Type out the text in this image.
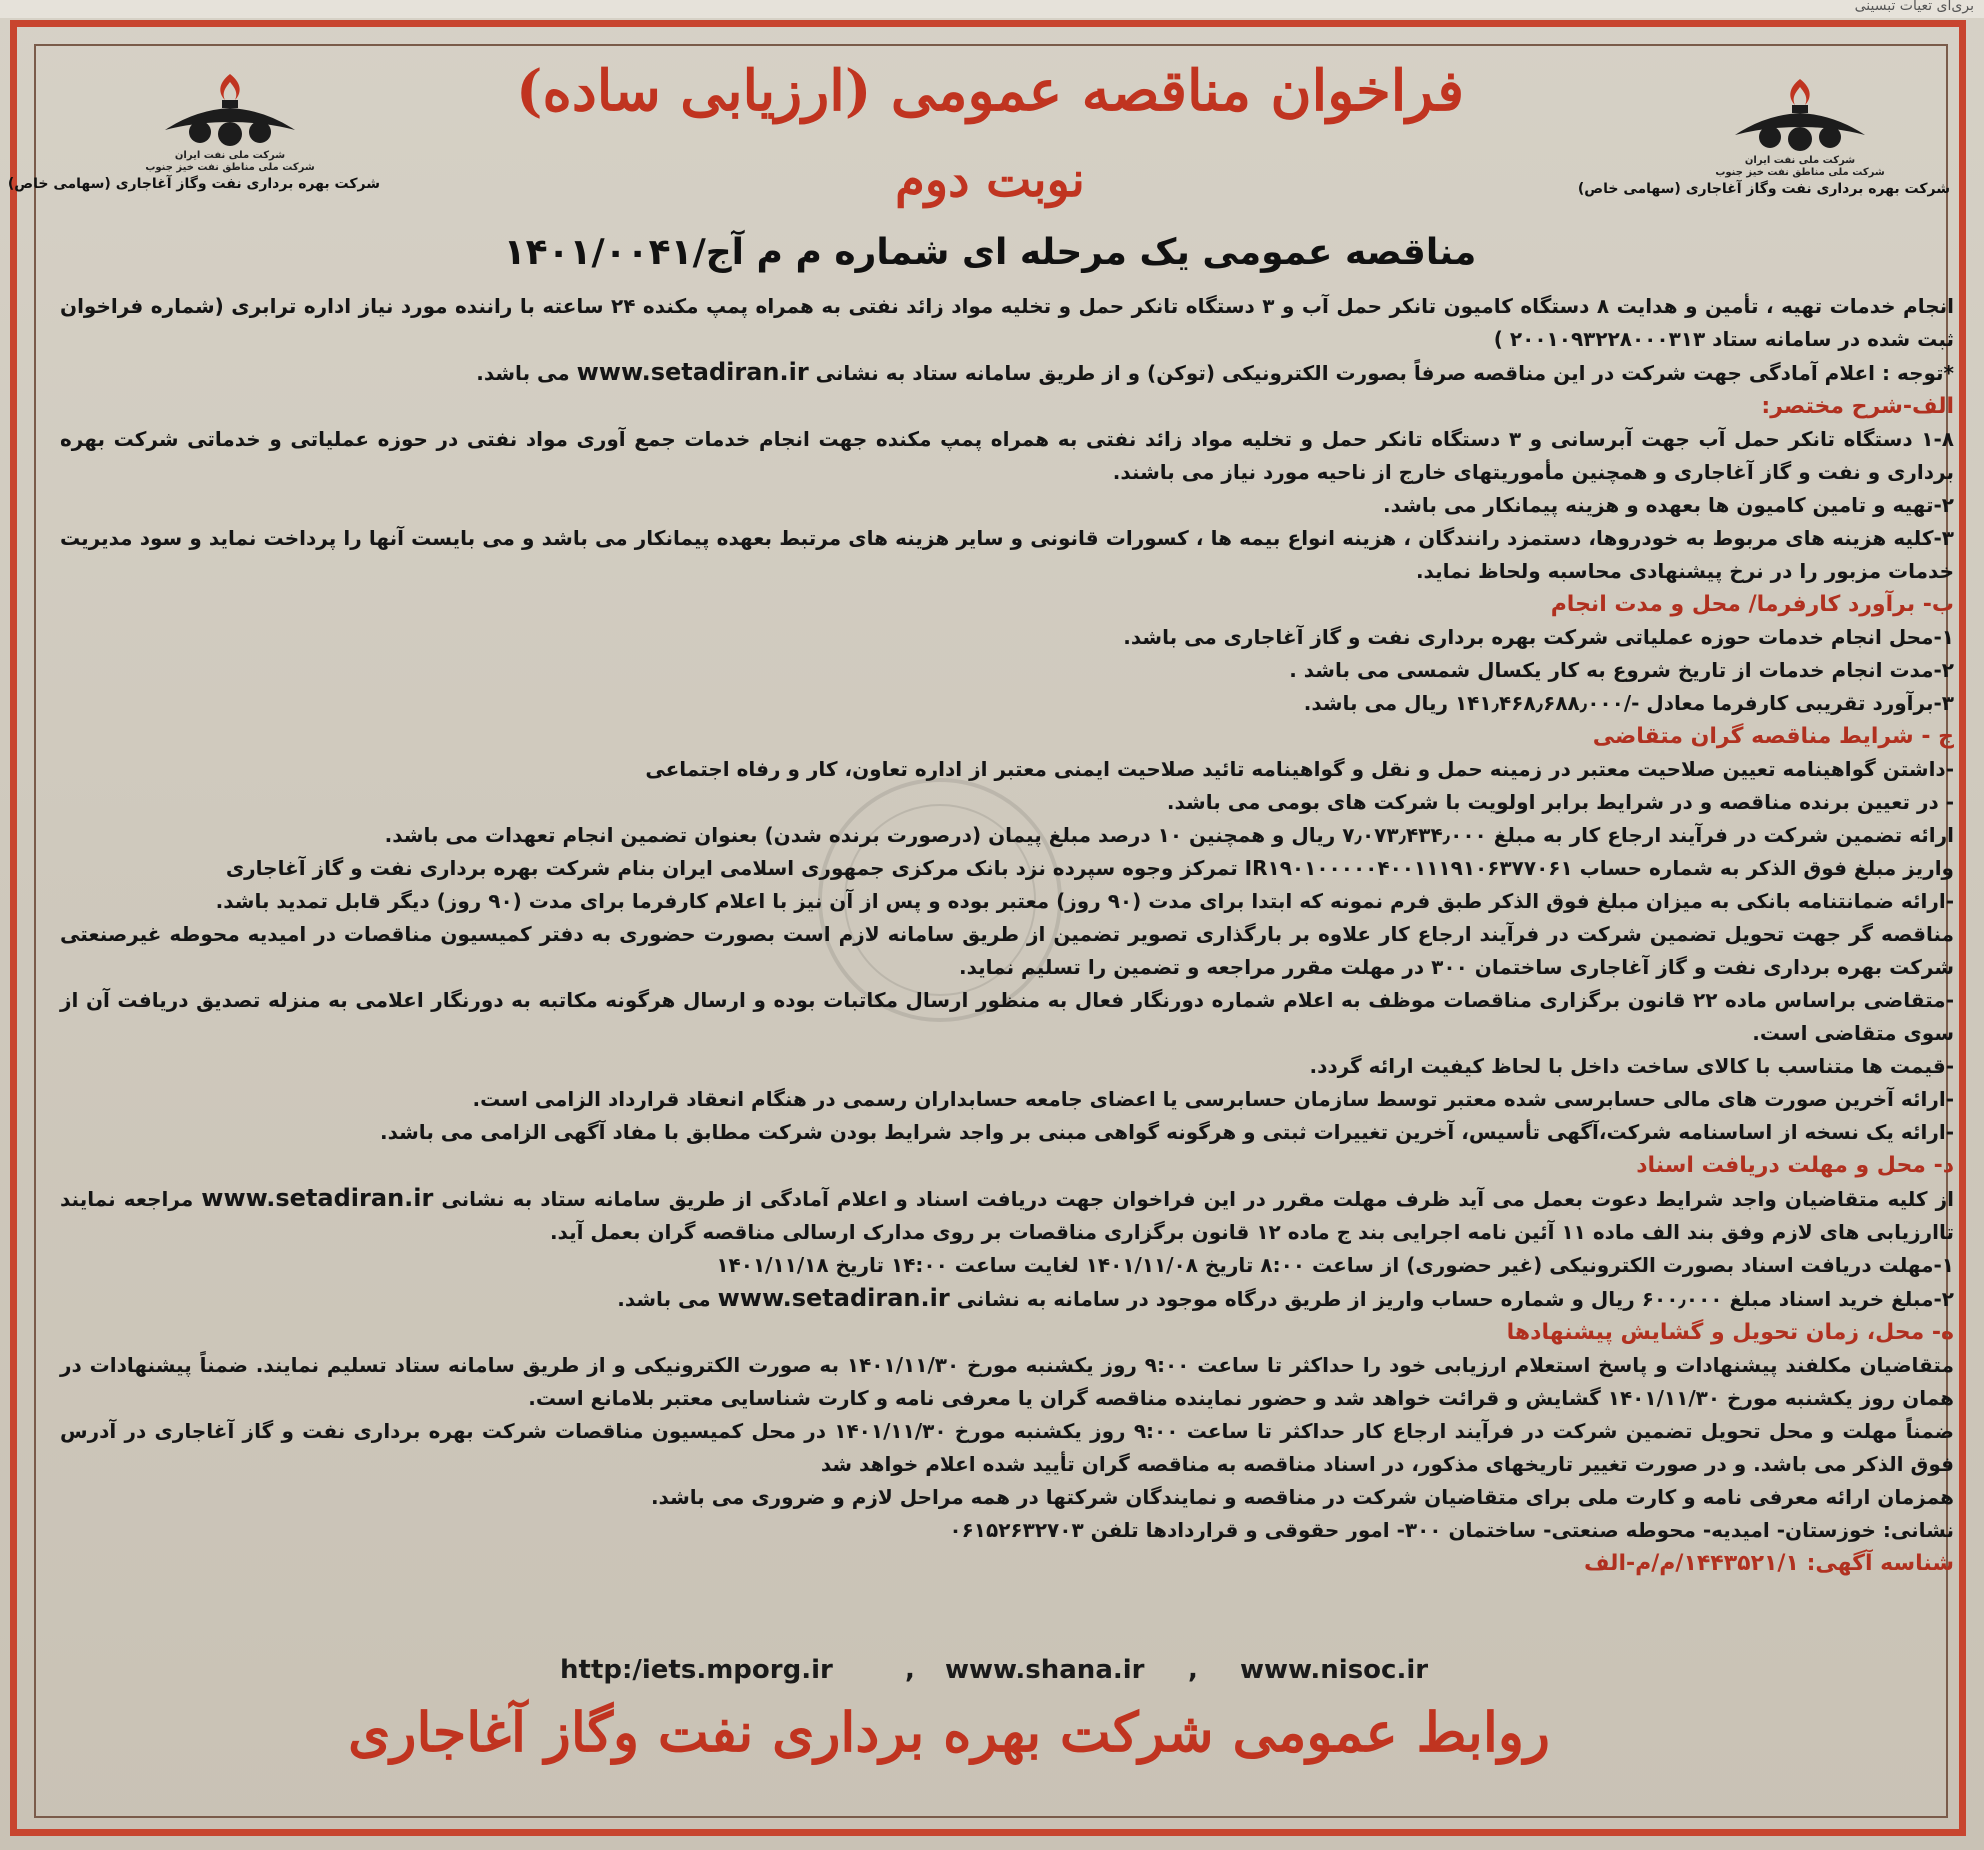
بری‌ای تعیات تبسینی
شرکت ملی نفت ایران
شرکت ملی مناطق نفت خیز جنوب
شرکت بهره برداری نفت وگاز آغاجاری (سهامی خاص)
شرکت ملی نفت ایران
شرکت ملی مناطق نفت خیز جنوب
شرکت بهره برداری نفت وگاز آغاجاری (سهامی خاص)
فراخوان مناقصه عمومی (ارزیابی ساده)
نوبت دوم
مناقصه عمومی یک مرحله ای شماره م م آج/۱۴۰۱/۰۰۴۱

انجام خدمات تهیه ، تأمین و هدایت ۸ دستگاه کامیون تانکر حمل آب و ۳ دستگاه تانکر حمل و تخلیه مواد زائد نفتی به همراه پمپ مکنده ۲۴ ساعته با راننده مورد نیاز اداره ترابری (شماره فراخوان ثبت شده در سامانه ستاد ۲۰۰۱۰۹۳۲۲۸۰۰۰۳۱۳ )

*توجه : اعلام آمادگی جهت شرکت در این مناقصه صرفاً بصورت الکترونیکی (توکن) و از طریق سامانه ستاد به نشانی www.setadiran.ir می باشد.

الف-شرح مختصر:

۱-۸ دستگاه تانکر حمل آب جهت آبرسانی و ۳ دستگاه تانکر حمل و تخلیه مواد زائد نفتی به همراه پمپ مکنده جهت انجام خدمات جمع آوری مواد نفتی در حوزه عملیاتی و خدماتی شرکت بهره برداری و نفت و گاز آغاجاری و همچنین مأموریتهای خارج از ناحیه مورد نیاز می باشند.

۲-تهیه و تامین کامیون ها بعهده و هزینه پیمانکار می باشد.

۳-کلیه هزینه های مربوط به خودروها، دستمزد رانندگان ، هزینه انواع بیمه ها ، کسورات قانونی و سایر هزینه های مرتبط بعهده پیمانکار می باشد و می بایست آنها را پرداخت نماید و سود مدیریت خدمات مزبور را در نرخ پیشنهادی محاسبه ولحاظ نماید.

ب- برآورد کارفرما/ محل و مدت انجام

۱-محل انجام خدمات حوزه عملیاتی شرکت بهره برداری نفت و گاز آغاجاری می باشد.

۲-مدت انجام خدمات از تاریخ شروع به کار یکسال شمسی می باشد .

۳-برآورد تقریبی کارفرما معادل -/۱۴۱٫۴۶۸٫۶۸۸٫۰۰۰ ریال می باشد.

ج - شرایط مناقصه گران متقاضی

-داشتن گواهینامه تعیین صلاحیت معتبر در زمینه حمل و نقل و گواهینامه تائید صلاحیت ایمنی معتبر از اداره تعاون، کار و رفاه اجتماعی

- در تعیین برنده مناقصه و در شرایط برابر اولویت با شرکت های بومی می باشد.

ارائه تضمین شرکت در فرآیند ارجاع کار به مبلغ ۷٫۰۷۳٫۴۳۴٫۰۰۰ ریال و همچنین ۱۰ درصد مبلغ پیمان (درصورت برنده شدن) بعنوان تضمین انجام تعهدات می باشد.

واریز مبلغ فوق الذکر به شماره حساب IR۱۹۰۱۰۰۰۰۰۴۰۰۱۱۱۹۱۰۶۳۷۷۰۶۱ تمرکز وجوه سپرده نزد بانک مرکزی جمهوری اسلامی ایران بنام شرکت بهره برداری نفت و گاز آغاجاری

-ارائه ضمانتنامه بانکی به میزان مبلغ فوق الذکر طبق فرم نمونه که ابتدا برای مدت (۹۰ روز) معتبر بوده و پس از آن نیز با اعلام کارفرما برای مدت (۹۰ روز) دیگر قابل تمدید باشد.

مناقصه گر جهت تحویل تضمین شرکت در فرآیند ارجاع کار علاوه بر بارگذاری تصویر تضمین از طریق سامانه لازم است بصورت حضوری به دفتر کمیسیون مناقصات در امیدیه محوطه غیرصنعتی شرکت بهره برداری نفت و گاز آغاجاری ساختمان ۳۰۰ در مهلت مقرر مراجعه و تضمین را تسلیم نماید.

-متقاضی براساس ماده ۲۲ قانون برگزاری مناقصات موظف به اعلام شماره دورنگار فعال به منظور ارسال مکاتبات بوده و ارسال هرگونه مکاتبه به دورنگار اعلامی به منزله تصدیق دریافت آن از سوی متقاضی است.

-قیمت ها متناسب با کالای ساخت داخل با لحاظ کیفیت ارائه گردد.

-ارائه آخرین صورت های مالی حسابرسی شده معتبر توسط سازمان حسابرسی یا اعضای جامعه حسابداران رسمی در هنگام انعقاد قرارداد الزامی است.

-ارائه یک نسخه از اساسنامه شرکت،آگهی تأسیس، آخرین تغییرات ثبتی و هرگونه گواهی مبنی بر واجد شرایط بودن شرکت مطابق با مفاد آگهی الزامی می باشد.

د- محل و مهلت دریافت اسناد

از کلیه متقاضیان واجد شرایط دعوت بعمل می آید ظرف مهلت مقرر در این فراخوان جهت دریافت اسناد و اعلام آمادگی از طریق سامانه ستاد به نشانی www.setadiran.ir مراجعه نمایند تاارزیابی های لازم وفق بند الف ماده ۱۱ آئین نامه اجرایی بند ج ماده ۱۲ قانون برگزاری مناقصات بر روی مدارک ارسالی مناقصه گران بعمل آید.

۱-مهلت دریافت اسناد بصورت الکترونیکی (غیر حضوری) از ساعت ۸:۰۰ تاریخ ۱۴۰۱/۱۱/۰۸ لغایت ساعت ۱۴:۰۰ تاریخ ۱۴۰۱/۱۱/۱۸

۲-مبلغ خرید اسناد مبلغ ۶۰۰٫۰۰۰ ریال و شماره حساب واریز از طریق درگاه موجود در سامانه به نشانی www.setadiran.ir می باشد.

ه- محل، زمان تحویل و گشایش پیشنهادها

متقاضیان مکلفند پیشنهادات و پاسخ استعلام ارزیابی خود را حداکثر تا ساعت ۹:۰۰ روز یکشنبه مورخ ۱۴۰۱/۱۱/۳۰ به صورت الکترونیکی و از طریق سامانه ستاد تسلیم نمایند. ضمناً پیشنهادات در همان روز یکشنبه مورخ ۱۴۰۱/۱۱/۳۰ گشایش و قرائت خواهد شد و حضور نماینده مناقصه گران یا معرفی نامه و کارت شناسایی معتبر بلامانع است.

ضمناً مهلت و محل تحویل تضمین شرکت در فرآیند ارجاع کار حداکثر تا ساعت ۹:۰۰ روز یکشنبه مورخ ۱۴۰۱/۱۱/۳۰ در محل کمیسیون مناقصات شرکت بهره برداری نفت و گاز آغاجاری در آدرس فوق الذکر می باشد. و در صورت تغییر تاریخهای مذکور، در اسناد مناقصه به مناقصه گران تأیید شده اعلام خواهد شد

همزمان ارائه معرفی نامه و کارت ملی برای متقاضیان شرکت در مناقصه و نمایندگان شرکتها در همه مراحل لازم و ضروری می باشد.

نشانی: خوزستان- امیدیه- محوطه صنعتی- ساختمان ۳۰۰- امور حقوقی و قراردادها تلفن ۰۶۱۵۲۶۳۲۷۰۳

شناسه آگهی: ۱۴۴۳۵۲۱/۱/م/م-الف

http:/iets.mporg.ir	, www.shana.ir , www.nisoc.ir
روابط عمومی شرکت بهره برداری نفت وگاز آغاجاری
